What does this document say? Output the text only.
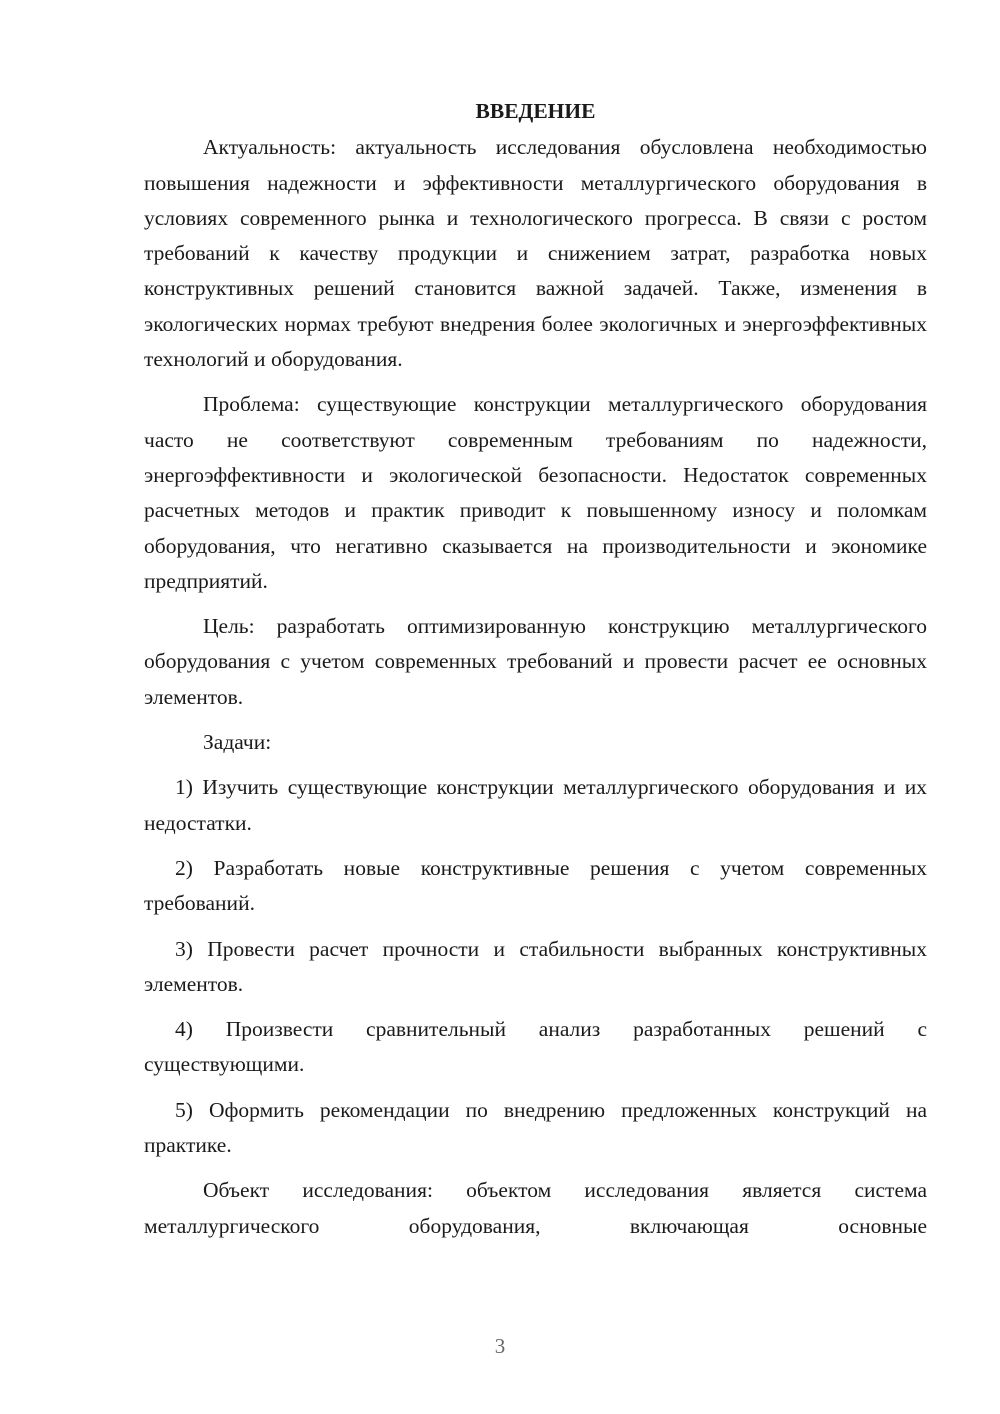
ВВЕДЕНИЕ

Актуальность: актуальность исследования обусловлена необходимостью повышения надежности и эффективности металлургического оборудования в условиях современного рынка и технологического прогресса. В связи с ростом требований к качеству продукции и снижением затрат, разработка новых конструктивных решений становится важной задачей. Также, изменения в экологических нормах требуют внедрения более экологичных и энергоэффективных технологий и оборудования.

Проблема: существующие конструкции металлургического оборудования часто не соответствуют современным требованиям по надежности, энергоэффективности и экологической безопасности. Недостаток современных расчетных методов и практик приводит к повышенному износу и поломкам оборудования, что негативно сказывается на производительности и экономике предприятий.

Цель: разработать оптимизированную конструкцию металлургического оборудования с учетом современных требований и провести расчет ее основных элементов.

Задачи:

1) Изучить существующие конструкции металлургического оборудования и их недостатки.

2) Разработать новые конструктивные решения с учетом современных требований.

3) Провести расчет прочности и стабильности выбранных конструктивных элементов.

4) Произвести сравнительный анализ разработанных решений с существующими.

5) Оформить рекомендации по внедрению предложенных конструкций на практике.

Объект исследования: объектом исследования является система металлургического оборудования, включающая основные

3
